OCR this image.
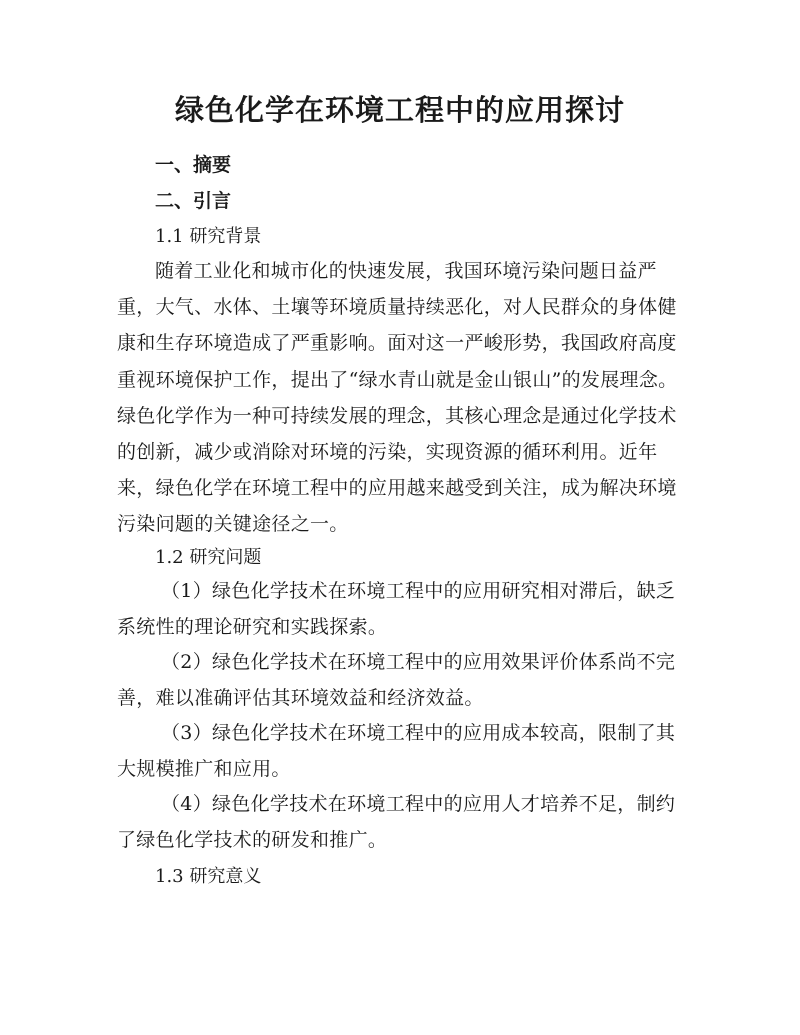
绿色化学在环境工程中的应用探讨

一、摘要

二、引言

1.1 研究背景

随着工业化和城市化的快速发展，我国环境污染问题日益严重，大气、水体、土壤等环境质量持续恶化，对人民群众的身体健康和生存环境造成了严重影响。面对这一严峻形势，我国政府高度重视环境保护工作，提出了“绿水青山就是金山银山”的发展理念。绿色化学作为一种可持续发展的理念，其核心理念是通过化学技术的创新，减少或消除对环境的污染，实现资源的循环利用。近年来，绿色化学在环境工程中的应用越来越受到关注，成为解决环境污染问题的关键途径之一。

1.2 研究问题

（1）绿色化学技术在环境工程中的应用研究相对滞后，缺乏系统性的理论研究和实践探索。

（2）绿色化学技术在环境工程中的应用效果评价体系尚不完善，难以准确评估其环境效益和经济效益。

（3）绿色化学技术在环境工程中的应用成本较高，限制了其大规模推广和应用。

（4）绿色化学技术在环境工程中的应用人才培养不足，制约了绿色化学技术的研发和推广。

1.3 研究意义
